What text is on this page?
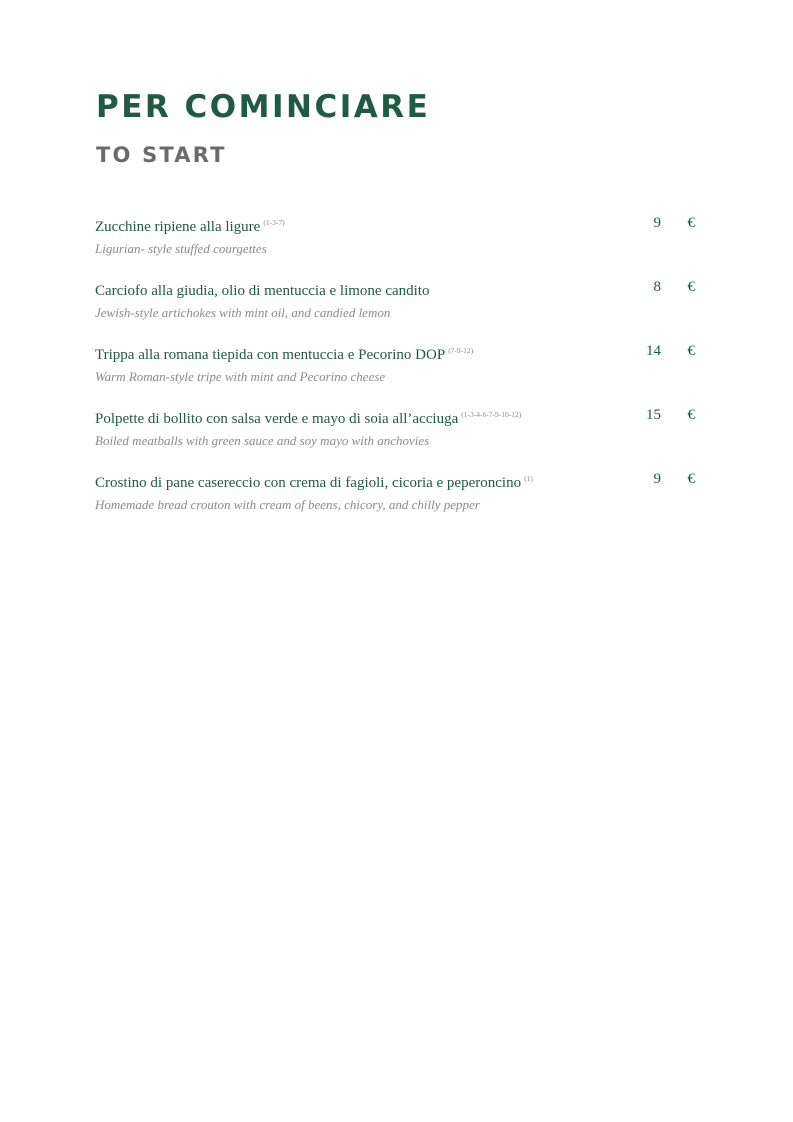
PER COMINCIARE
TO START
Zucchine ripiene alla ligure $^{(1-3-7)}$
Ligurian- style stuffed courgettes
9 €
Carciofo alla giudia, olio di mentuccia e limone candito
Jewish-style artichokes with mint oil, and candied lemon
8 €
Trippa alla romana tiepida con mentuccia e Pecorino DOP $^{(7-9-12)}$
Warm Roman-style tripe with mint and Pecorino cheese
14 €
Polpette di bollito con salsa verde e mayo di soia all’acciuga $^{(1-3-4-6-7-9-10-12)}$
Boiled meatballs with green sauce and soy mayo with anchovies
15 €
Crostino di pane casereccio con crema di fagioli, cicoria e peperoncino $^{(1)}$
Homemade bread crouton with cream of beens, chicory, and chilly pepper
9 €
